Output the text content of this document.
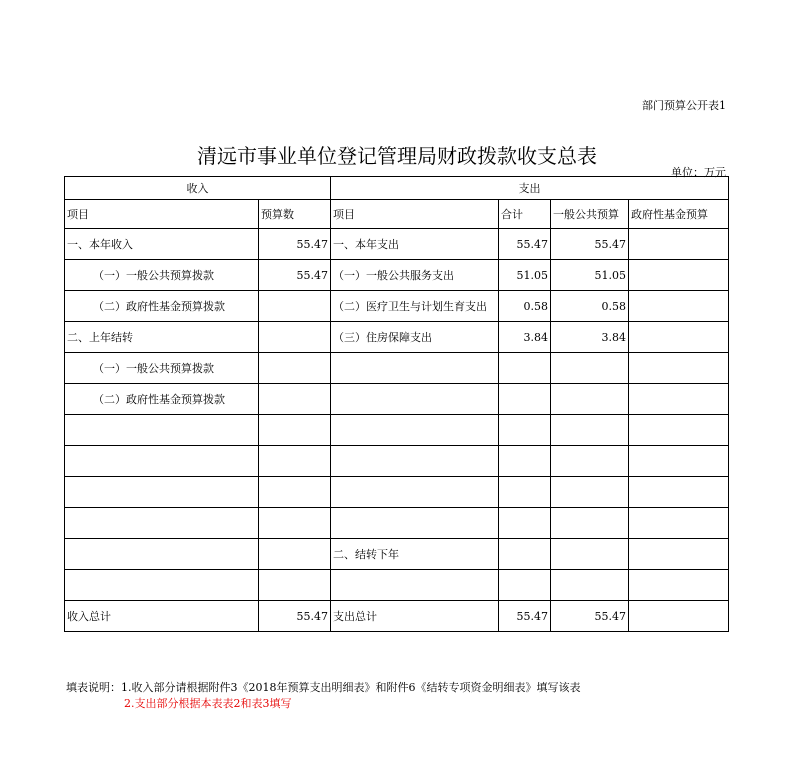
部门预算公开表1
清远市事业单位登记管理局财政拨款收支总表
单位：万元
收入		支出			
项目	预算数	项目	合计	一般公共预算	政府性基金预算
一、本年收入	55.47	一、本年支出	55.47	55.47	
（一）一般公共预算拨款	55.47	（一）一般公共服务支出	51.05	51.05	
（二）政府性基金预算拨款		（二）医疗卫生与计划生育支出	0.58	0.58	
二、上年结转		（三）住房保障支出	3.84	3.84	
（一）一般公共预算拨款					
（二）政府性基金预算拨款					

		二、结转下年			

收入总计	55.47	支出总计	55.47	55.47	
填表说明：1.收入部分请根据附件3《2018年预算支出明细表》和附件6《结转专项资金明细表》填写该表
2.支出部分根据本表表2和表3填写
